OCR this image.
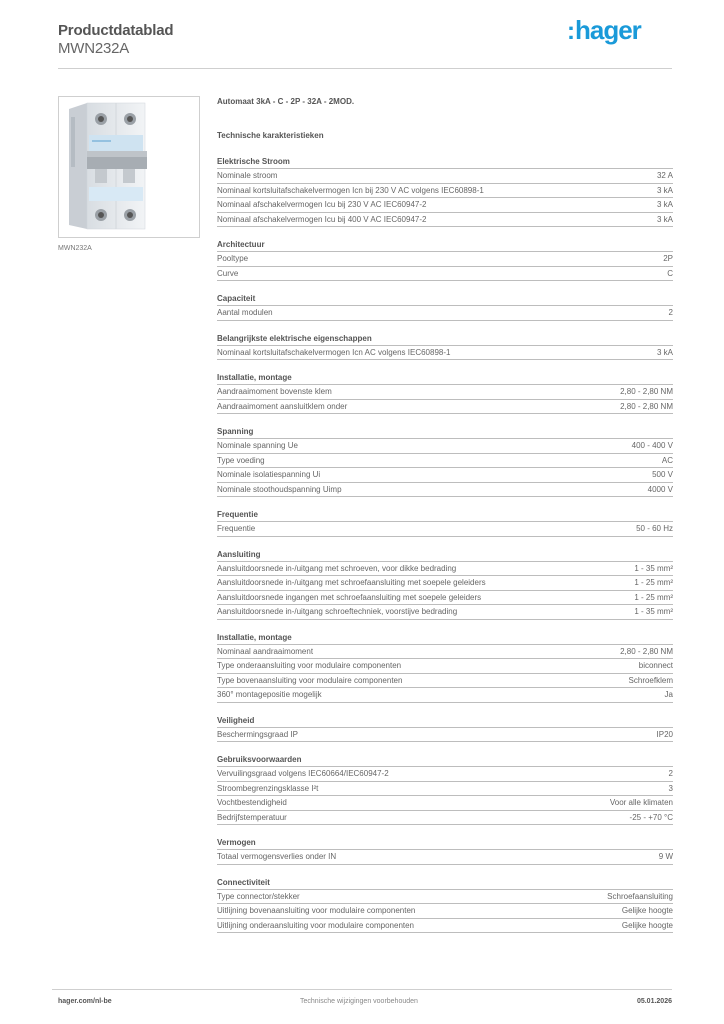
Productdatablad
MWN232A
:hager
MWN232A
Automaat 3kA - C - 2P - 32A - 2MOD.
Technische karakteristieken
Elektrische Stroom
Nominale stroom	32 A
Nominaal kortsluitafschakelvermogen Icn bij 230 V AC volgens IEC60898-1	3 kA
Nominaal afschakelvermogen Icu bij 230 V AC IEC60947-2	3 kA
Nominaal afschakelvermogen Icu bij 400 V AC IEC60947-2	3 kA
Architectuur
Pooltype	2P
Curve	C
Capaciteit
Aantal modulen	2
Belangrijkste elektrische eigenschappen
Nominaal kortsluitafschakelvermogen Icn AC volgens IEC60898-1	3 kA
Installatie, montage
Aandraaimoment bovenste klem	2,80 - 2,80 NM
Aandraaimoment aansluitklem onder	2,80 - 2,80 NM
Spanning
Nominale spanning Ue	400 - 400 V
Type voeding	AC
Nominale isolatiespanning Ui	500 V
Nominale stoothoudspanning Uimp	4000 V
Frequentie
Frequentie	50 - 60 Hz
Aansluiting
Aansluitdoorsnede in-/uitgang met schroeven, voor dikke bedrading	1 - 35 mm²
Aansluitdoorsnede in-/uitgang met schroefaansluiting met soepele geleiders	1 - 25 mm²
Aansluitdoorsnede ingangen met schroefaansluiting met soepele geleiders	1 - 25 mm²
Aansluitdoorsnede in-/uitgang schroeftechniek, voorstijve bedrading	1 - 35 mm²
Installatie, montage
Nominaal aandraaimoment	2,80 - 2,80 NM
Type onderaansluiting voor modulaire componenten	biconnect
Type bovenaansluiting voor modulaire componenten	Schroefklem
360° montagepositie mogelijk	Ja
Veiligheid
Beschermingsgraad IP	IP20
Gebruiksvoorwaarden
Vervuilingsgraad volgens IEC60664/IEC60947-2	2
Stroombegrenzingsklasse I²t	3
Vochtbestendigheid	Voor alle klimaten
Bedrijfstemperatuur	-25 - +70 °C
Vermogen
Totaal vermogensverlies onder IN	9 W
Connectiviteit
Type connector/stekker	Schroefaansluiting
Uitlijning bovenaansluiting voor modulaire componenten	Gelijke hoogte
Uitlijning onderaansluiting voor modulaire componenten	Gelijke hoogte
hager.com/nl-be	Technische wijzigingen voorbehouden	05.01.2026
